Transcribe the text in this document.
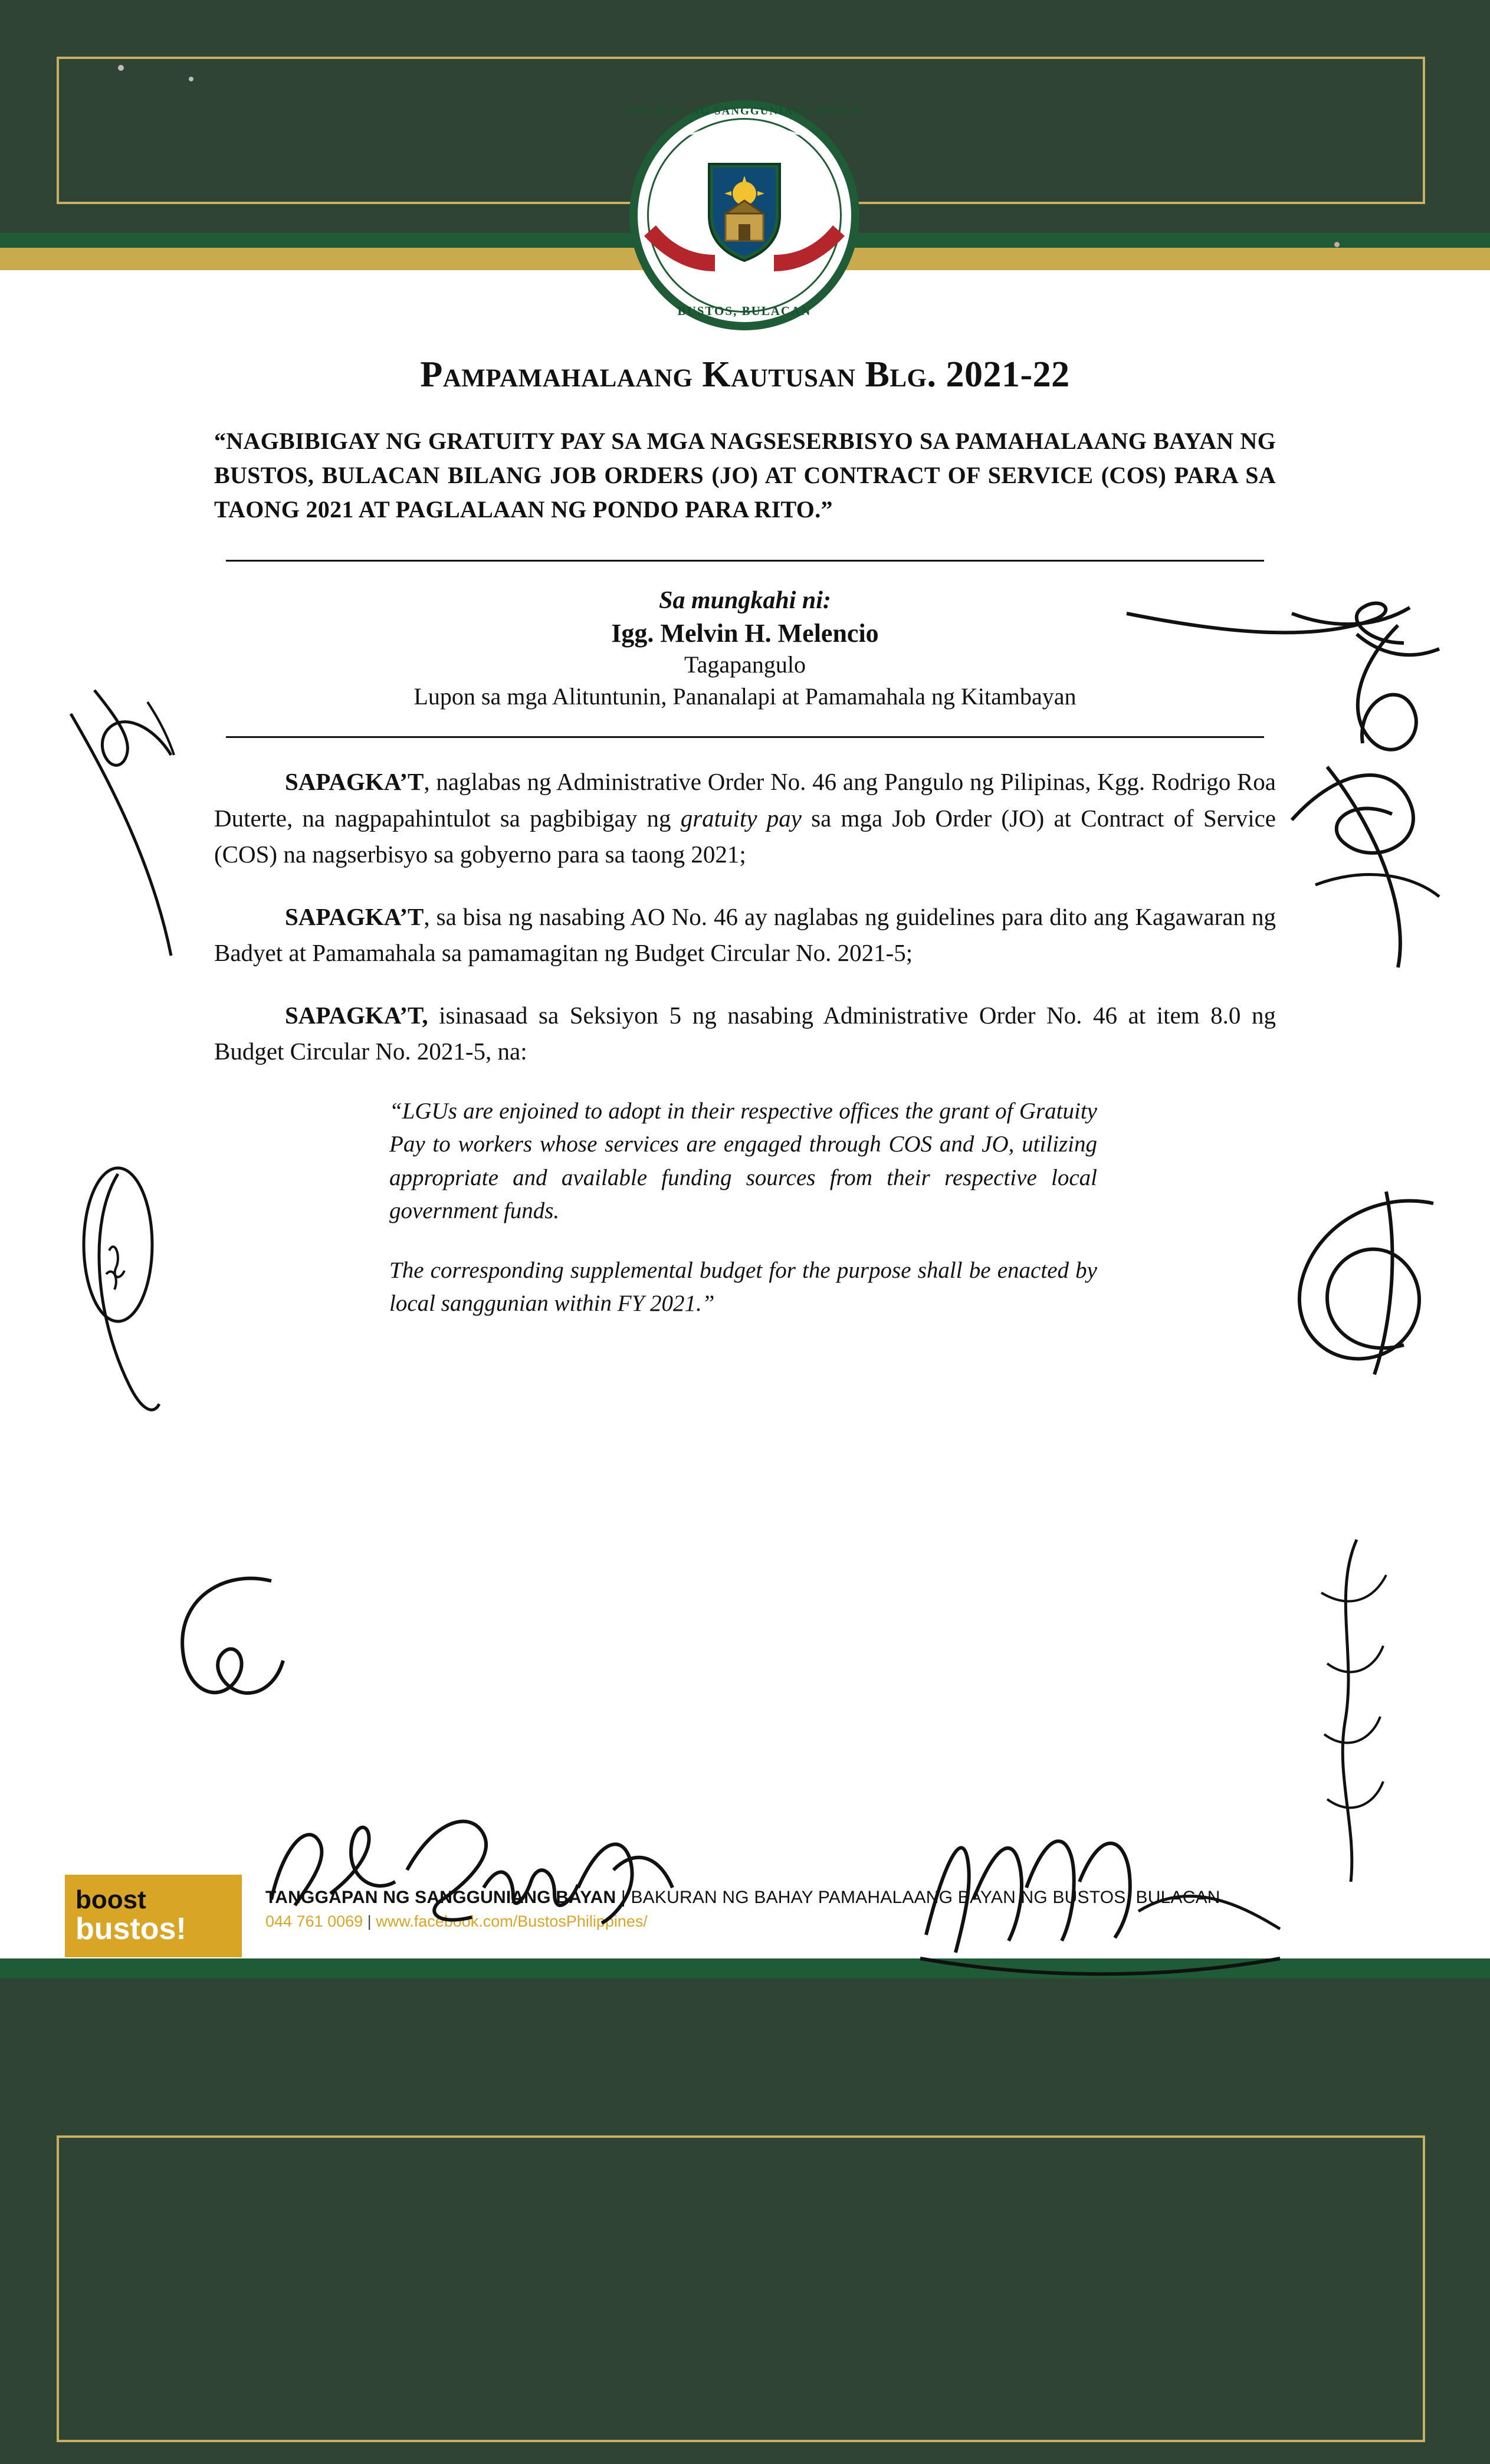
SAGISAG NG SANGGUNIANG BAYAN
BUSTOS, BULACAN
Pampamahalaang Kautusan Blg. 2021-22
“NAGBIBIGAY NG GRATUITY PAY SA MGA NAGSESERBISYO SA PAMAHALAANG BAYAN NG BUSTOS, BULACAN BILANG JOB ORDERS (JO) AT CONTRACT OF SERVICE (COS) PARA SA TAONG 2021 AT PAGLALAAN NG PONDO PARA RITO.”
Sa mungkahi ni:
Igg. Melvin H. Melencio
Tagapangulo
Lupon sa mga Alituntunin, Pananalapi at Pamamahala ng Kitambayan
SAPAGKA’T, naglabas ng Administrative Order No. 46 ang Pangulo ng Pilipinas, Kgg. Rodrigo Roa Duterte, na nagpapahintulot sa pagbibigay ng gratuity pay sa mga Job Order (JO) at Contract of Service (COS) na nagserbisyo sa gobyerno para sa taong 2021;
SAPAGKA’T, sa bisa ng nasabing AO No. 46 ay naglabas ng guidelines para dito ang Kagawaran ng Badyet at Pamamahala sa pamamagitan ng Budget Circular No. 2021-5;
SAPAGKA’T, isinasaad sa Seksiyon 5 ng nasabing Administrative Order No. 46 at item 8.0 ng Budget Circular No. 2021-5, na:
“LGUs are enjoined to adopt in their respective offices the grant of Gratuity Pay to workers whose services are engaged through COS and JO, utilizing appropriate and available funding sources from their respective local government funds.
The corresponding supplemental budget for the purpose shall be enacted by local sanggunian within FY 2021.”
boost
bustos!
TANGGAPAN NG SANGGUNIANG BAYAN | BAKURAN NG BAHAY PAMAHALAANG BAYAN NG BUSTOS, BULACAN
044 761 0069 | www.facebook.com/BustosPhilippines/
